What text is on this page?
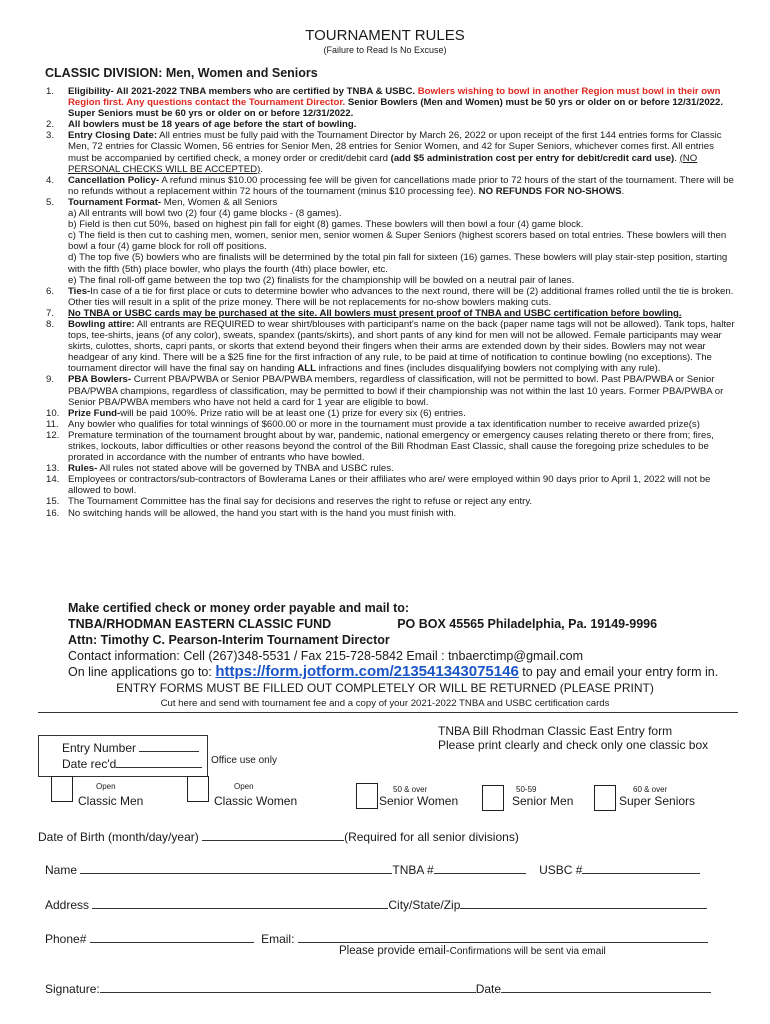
TOURNAMENT RULES
(Failure to Read Is No Excuse)
CLASSIC DIVISION: Men, Women and Seniors
1.	Eligibility- All 2021-2022 TNBA members who are certified by TNBA & USBC. Bowlers wishing to bowl in another Region must bowl in their own Region first. Any questions contact the Tournament Director. Senior Bowlers (Men and Women) must be 50 yrs or older on or before 12/31/2022. Super Seniors must be 60 yrs or older on or before 12/31/2022.
2.	All bowlers must be 18 years of age before the start of bowling.
3.	Entry Closing Date: All entries must be fully paid with the Tournament Director by March 26, 2022 or upon receipt of the first 144 entries forms for Classic Men, 72 entries for Classic Women, 56 entries for Senior Men, 28 entries for Senior Women, and 42 for Super Seniors, whichever comes first. All entries must be accompanied by certified check, a money order or credit/debit card (add $5 administration cost per entry for debit/credit card use). (NO PERSONAL CHECKS WILL BE ACCEPTED).
4.	Cancellation Policy- A refund minus $10.00 processing fee will be given for cancellations made prior to 72 hours of the start of the tournament. There will be no refunds without a replacement within 72 hours of the tournament (minus $10 processing fee). NO REFUNDS FOR NO-SHOWS.
5.	Tournament Format- Men, Women & all Seniors
a) All entrants will bowl two (2) four (4) game blocks - (8 games).
b) Field is then cut 50%, based on highest pin fall for eight (8) games. These bowlers will then bowl a four (4) game block.
c) The field is then cut to cashing men, women, senior men, senior women & Super Seniors (highest scorers based on total entries. These bowlers will then bowl a four (4) game block for roll off positions.
d) The top five (5) bowlers who are finalists will be determined by the total pin fall for sixteen (16) games. These bowlers will play stair-step position, starting with the fifth (5th) place bowler, who plays the fourth (4th) place bowler, etc.
e) The final roll-off game between the top two (2) finalists for the championship will be bowled on a neutral pair of lanes.
6.	Ties-In case of a tie for first place or cuts to determine bowler who advances to the next round, there will be (2) additional frames rolled until the tie is broken. Other ties will result in a split of the prize money. There will be not replacements for no-show bowlers making cuts.
7.	No TNBA or USBC cards may be purchased at the site. All bowlers must present proof of TNBA and USBC certification before bowling.
8.	Bowling attire: All entrants are REQUIRED to wear shirt/blouses with participant's name on the back (paper name tags will not be allowed). Tank tops, halter tops, tee-shirts, jeans (of any color), sweats, spandex (pants/skirts), and short pants of any kind for men will not be allowed. Female participants may wear skirts, culottes, shorts, capri pants, or skorts that extend beyond their fingers when their arms are extended down by their sides. Bowlers may not wear headgear of any kind. There will be a $25 fine for the first infraction of any rule, to be paid at time of notification to continue bowling (no exceptions). The tournament director will have the final say on handing ALL infractions and fines (includes disqualifying bowlers not complying with any rule).
9.	PBA Bowlers- Current PBA/PWBA or Senior PBA/PWBA members, regardless of classification, will not be permitted to bowl. Past PBA/PWBA or Senior PBA/PWBA champions, regardless of classification, may be permitted to bowl if their championship was not within the last 10 years. Former PBA/PWBA or Senior PBA/PWBA members who have not held a card for 1 year are eligible to bowl.
10. Prize Fund-will be paid 100%. Prize ratio will be at least one (1) prize for every six (6) entries.
11. Any bowler who qualifies for total winnings of $600.00 or more in the tournament must provide a tax identification number to receive awarded prize(s)
12. Premature termination of the tournament brought about by war, pandemic, national emergency or emergency causes relating thereto or there from; fires, strikes, lockouts, labor difficulties or other reasons beyond the control of the Bill Rhodman East Classic, shall cause the foregoing prize schedules to be prorated in accordance with the number of entrants who have bowled.
13. Rules- All rules not stated above will be governed by TNBA and USBC rules.
14. Employees or contractors/sub-contractors of Bowlerama Lanes or their affiliates who are/ were employed within 90 days prior to April 1, 2022 will not be allowed to bowl.
15. The Tournament Committee has the final say for decisions and reserves the right to refuse or reject any entry.
16. No switching hands will be allowed, the hand you start with is the hand you must finish with.
Make certified check or money order payable and mail to:
TNBA/RHODMAN EASTERN CLASSIC FUND	PO BOX 45565 Philadelphia, Pa. 19149-9996
Attn: Timothy C. Pearson-Interim Tournament Director
Contact information: Cell (267)348-5531 / Fax 215-728-5842 Email : tnbaerctimp@gmail.com
On line applications go to: https://form.jotform.com/213541343075146 to pay and email your entry form in.
ENTRY FORMS MUST BE FILLED OUT COMPLETELY OR WILL BE RETURNED (PLEASE PRINT)
Cut here and send with tournament fee and a copy of your 2021-2022 TNBA and USBC certification cards
TNBA Bill Rhodman Classic East Entry form
Please print clearly and check only one classic box
Entry Number
Date rec'd	Office use only
Open
Classic Men
Open
Classic Women
50 & over
Senior Women
50-59
Senior Men
60 & over
Super Seniors
Date of Birth (month/day/year)	(Required for all senior divisions)
Name	TNBA #	USBC #
Address	City/State/Zip
Phone#	Email:
Please provide email-Confirmations will be sent via email
Signature:	Date
